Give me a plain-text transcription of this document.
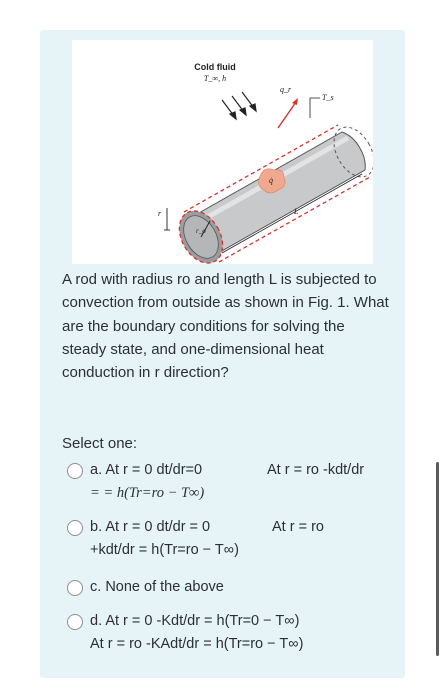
Cold fluid
T_∞, h
r_o
q̇
q_r
T_s
L
r
A rod with radius ro and length L is subjected to convection from outside as shown in Fig. 1. What are the boundary conditions for solving the steady state, and one-dimensional heat conduction in r direction?
Select one:
a. At r = 0 dt/dr=0	At r = ro -kdt/dr
= = h(Tr=ro − T∞)
b. At r = 0 dt/dr = 0	At r = ro
+kdt/dr = h(Tr=ro − T∞)
c. None of the above
d. At r = 0 -Kdt/dr = h(Tr=0 − T∞)
At r = ro -KAdt/dr = h(Tr=ro − T∞)
